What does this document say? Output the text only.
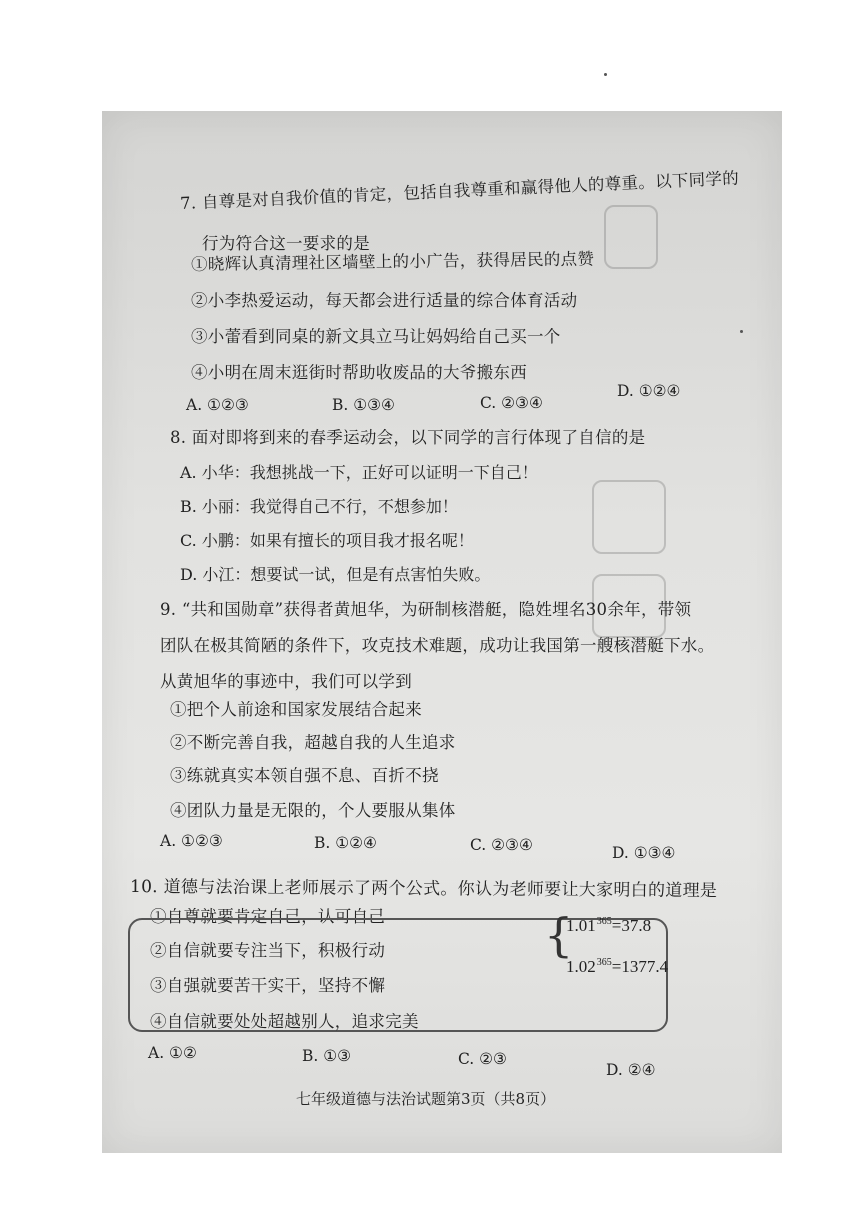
7. 自尊是对自我价值的肯定，包括自我尊重和赢得他人的尊重。以下同学的
行为符合这一要求的是
①晓辉认真清理社区墙壁上的小广告，获得居民的点赞
②小李热爱运动，每天都会进行适量的综合体育活动
③小蕾看到同桌的新文具立马让妈妈给自己买一个
④小明在周末逛街时帮助收废品的大爷搬东西
A. ①②③	B. ①③④	C. ②③④
D. ①②④
8. 面对即将到来的春季运动会，以下同学的言行体现了自信的是
A. 小华：我想挑战一下，正好可以证明一下自己！
B. 小丽：我觉得自己不行，不想参加！
C. 小鹏：如果有擅长的项目我才报名呢！
D. 小江：想要试一试，但是有点害怕失败。
9. “共和国勋章”获得者黄旭华，为研制核潜艇，隐姓埋名30余年，带领
团队在极其简陋的条件下，攻克技术难题，成功让我国第一艘核潜艇下水。
从黄旭华的事迹中，我们可以学到
①把个人前途和国家发展结合起来
②不断完善自我，超越自我的人生追求
③练就真实本领自强不息、百折不挠
④团队力量是无限的，个人要服从集体
A. ①②③	B. ①②④	C. ②③④	D. ①③④
10. 道德与法治课上老师展示了两个公式。你认为老师要让大家明白的道理是
①自尊就要肯定自己，认可自己
②自信就要专注当下，积极行动
③自强就要苦干实干，坚持不懈
{
$1.01^{365}=37.8$
$1.02^{365}=1377.4$
④自信就要处处超越别人，追求完美
A. ①②	B. ①③	C. ②③
D. ②④
七年级道德与法治试题第3页（共8页）
